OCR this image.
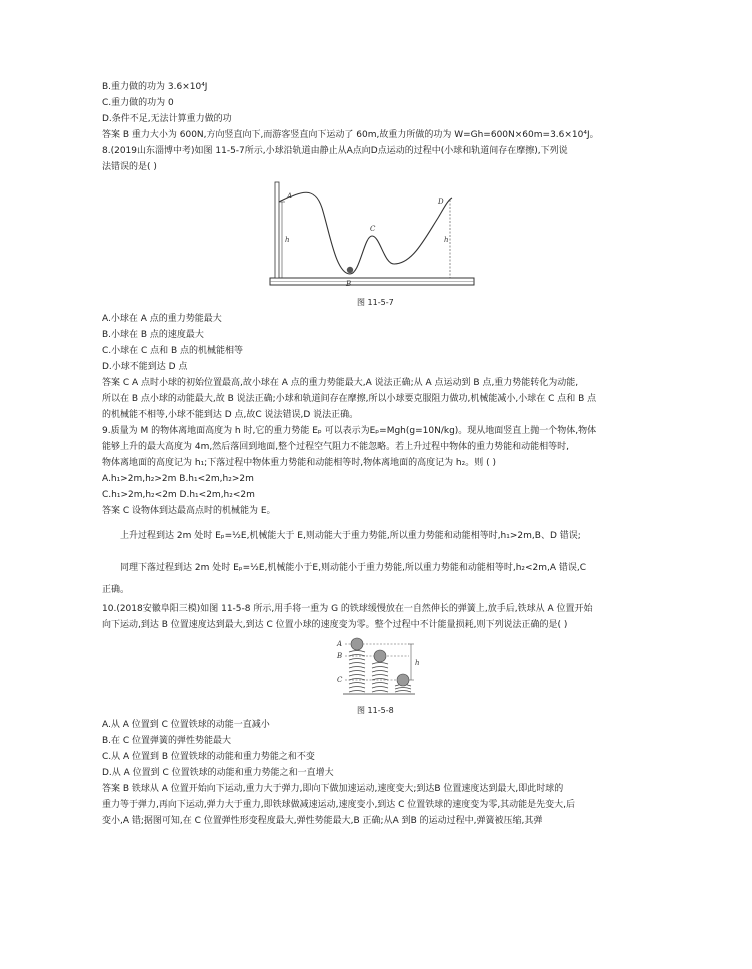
B.重力做的功为 3.6×10⁴J
C.重力做的功为 0
D.条件不足,无法计算重力做的功
答案 B 重力大小为 600N,方向竖直向下,而游客竖直向下运动了 60m,故重力所做的功为 W=Gh=600N×60m=3.6×10⁴J。
8.(2019山东淄博中考)如图 11-5-7所示,小球沿轨道由静止从A点向D点运动的过程中(小球和轨道间存在摩擦),下列说
法错误的是( )
A
B
C
D
h	h
图 11-5-7
A.小球在 A 点的重力势能最大
B.小球在 B 点的速度最大
C.小球在 C 点和 B 点的机械能相等
D.小球不能到达 D 点
答案 C A 点时小球的初始位置最高,故小球在 A 点的重力势能最大,A 说法正确;从 A 点运动到 B 点,重力势能转化为动能,
所以在 B 点小球的动能最大,故 B 说法正确;小球和轨道间存在摩擦,所以小球要克服阻力做功,机械能减小,小球在 C 点和 B 点
的机械能不相等,小球不能到达 D 点,故C 说法错误,D 说法正确。
9.质量为 M 的物体离地面高度为 h 时,它的重力势能 Eₚ 可以表示为Eₚ=Mgh(g=10N/kg)。现从地面竖直上抛一个物体,物体
能够上升的最大高度为 4m,然后落回到地面,整个过程空气阻力不能忽略。若上升过程中物体的重力势能和动能相等时,
物体离地面的高度记为 h₁;下落过程中物体重力势能和动能相等时,物体离地面的高度记为 h₂。则 ( )
A.h₁>2m,h₂>2m B.h₁<2m,h₂>2m
C.h₁>2m,h₂<2m D.h₁<2m,h₂<2m
答案 C 设物体到达最高点时的机械能为 E。
上升过程到达 2m 处时 Eₚ=½E,机械能大于 E,则动能大于重力势能,所以重力势能和动能相等时,h₁>2m,B、D 错误;
同理下落过程到达 2m 处时 Eₚ=½E,机械能小于E,则动能小于重力势能,所以重力势能和动能相等时,h₂<2m,A 错误,C
正确。
10.(2018安徽阜阳三模)如图 11-5-8 所示,用手将一重为 G 的铁球缓慢放在一自然伸长的弹簧上,放手后,铁球从 A 位置开始
向下运动,到达 B 位置速度达到最大,到达 C 位置小球的速度变为零。整个过程中不计能量损耗,则下列说法正确的是( )
A
B
C
h
图 11-5-8
A.从 A 位置到 C 位置铁球的动能一直减小
B.在 C 位置弹簧的弹性势能最大
C.从 A 位置到 B 位置铁球的动能和重力势能之和不变
D.从 A 位置到 C 位置铁球的动能和重力势能之和一直增大
答案 B 铁球从 A 位置开始向下运动,重力大于弹力,即向下做加速运动,速度变大;到达B 位置速度达到最大,即此时球的
重力等于弹力,再向下运动,弹力大于重力,即铁球做减速运动,速度变小,到达 C 位置铁球的速度变为零,其动能是先变大,后
变小,A 错;据图可知,在 C 位置弹性形变程度最大,弹性势能最大,B 正确;从A 到B 的运动过程中,弹簧被压缩,其弹
